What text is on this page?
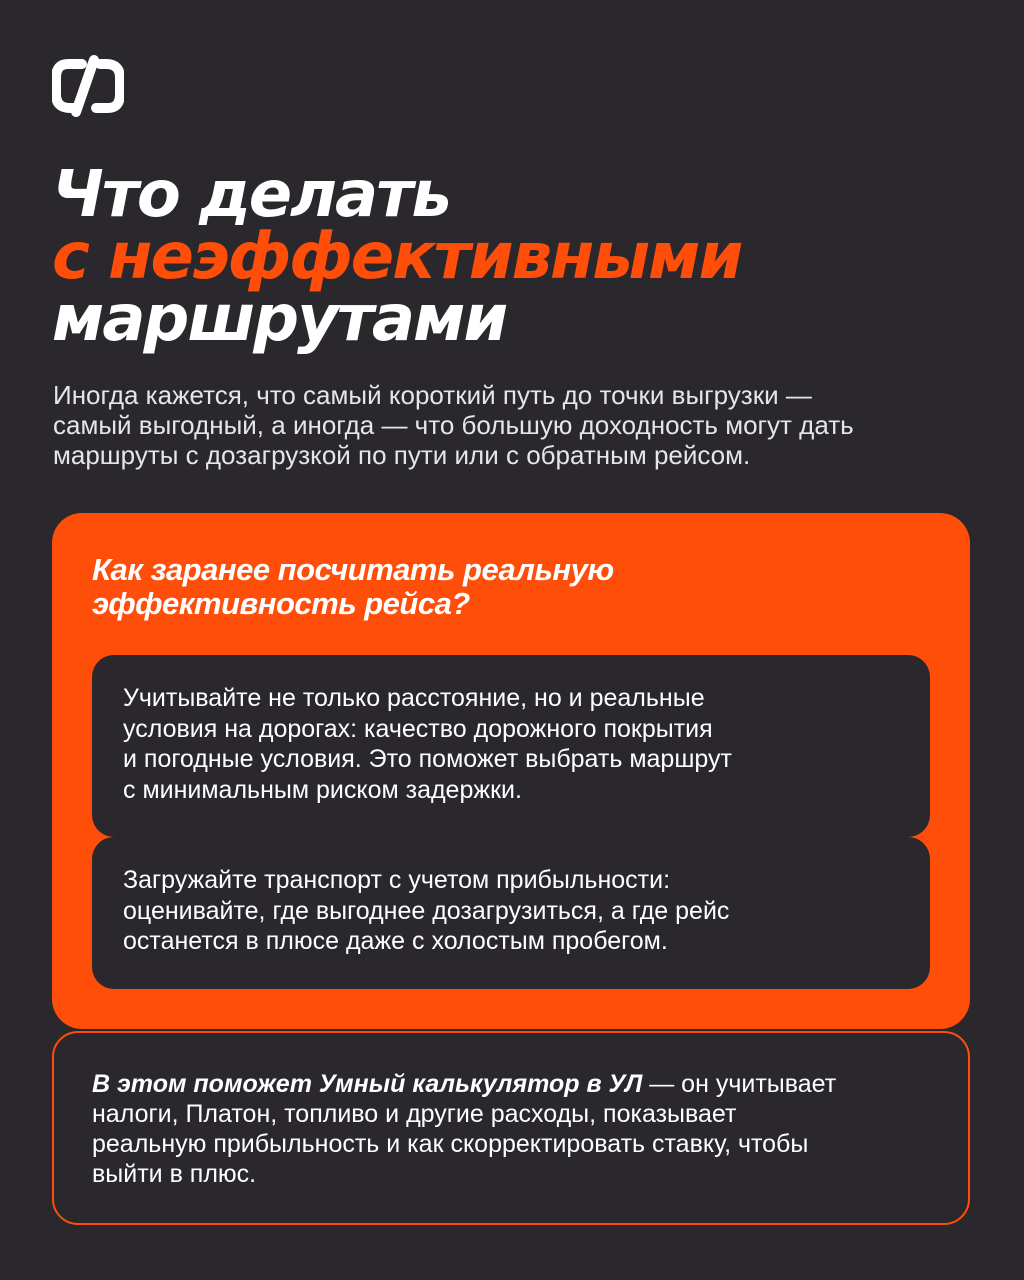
Что делать
с неэффективными
маршрутами

Иногда кажется, что самый короткий путь до точки выгрузки —
самый выгодный, а иногда — что большую доходность могут дать
маршруты с дозагрузкой по пути или с обратным рейсом.

Как заранее посчитать реальную
эффективность рейса?
Учитывайте не только расстояние, но и реальные
условия на дорогах: качество дорожного покрытия
и погодные условия. Это поможет выбрать маршрут
с минимальным риском задержки.
Загружайте транспорт с учетом прибыльности:
оценивайте, где выгоднее дозагрузиться, а где рейс
останется в плюсе даже с холостым пробегом.
В этом поможет Умный калькулятор в УЛ — он учитывает
налоги, Платон, топливо и другие расходы, показывает
реальную прибыльность и как скорректировать ставку, чтобы
выйти в плюс.
